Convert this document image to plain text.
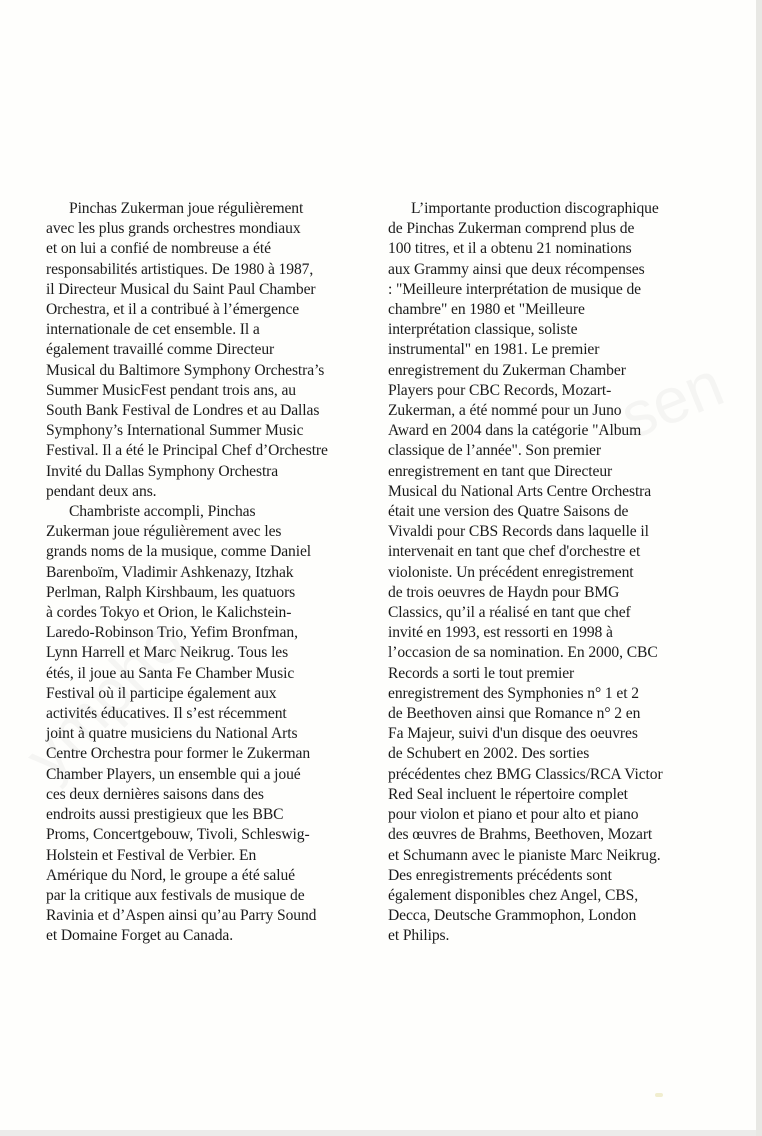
Pinchas Zukerman joue régulièrement
avec les plus grands orchestres mondiaux
et on lui a confié de nombreuse a été
responsabilités artistiques. De 1980 à 1987,
il Directeur Musical du Saint Paul Chamber
Orchestra, et il a contribué à l’émergence
internationale de cet ensemble. Il a
également travaillé comme Directeur
Musical du Baltimore Symphony Orchestra’s
Summer MusicFest pendant trois ans, au
South Bank Festival de Londres et au Dallas
Symphony’s International Summer Music
Festival. Il a été le Principal Chef d’Orchestre
Invité du Dallas Symphony Orchestra
pendant deux ans.

Chambriste accompli, Pinchas
Zukerman joue régulièrement avec les
grands noms de la musique, comme Daniel
Barenboïm, Vladimir Ashkenazy, Itzhak
Perlman, Ralph Kirshbaum, les quatuors
à cordes Tokyo et Orion, le Kalichstein-
Laredo-Robinson Trio, Yefim Bronfman,
Lynn Harrell et Marc Neikrug. Tous les
étés, il joue au Santa Fe Chamber Music
Festival où il participe également aux
activités éducatives. Il s’est récemment
joint à quatre musiciens du National Arts
Centre Orchestra pour former le Zukerman
Chamber Players, un ensemble qui a joué
ces deux dernières saisons dans des
endroits aussi prestigieux que les BBC
Proms, Concertgebouw, Tivoli, Schleswig-
Holstein et Festival de Verbier. En
Amérique du Nord, le groupe a été salué
par la critique aux festivals de musique de
Ravinia et d’Aspen ainsi qu’au Parry Sound
et Domaine Forget au Canada.

L’importante production discographique
de Pinchas Zukerman comprend plus de
100 titres, et il a obtenu 21 nominations
aux Grammy ainsi que deux récompenses
: "Meilleure interprétation de musique de
chambre" en 1980 et "Meilleure
interprétation classique, soliste
instrumental" en 1981. Le premier
enregistrement du Zukerman Chamber
Players pour CBC Records, Mozart-
Zukerman, a été nommé pour un Juno
Award en 2004 dans la catégorie "Album
classique de l’année". Son premier
enregistrement en tant que Directeur
Musical du National Arts Centre Orchestra
était une version des Quatre Saisons de
Vivaldi pour CBS Records dans laquelle il
intervenait en tant que chef d'orchestre et
violoniste. Un précédent enregistrement
de trois oeuvres de Haydn pour BMG
Classics, qu’il a réalisé en tant que chef
invité en 1993, est ressorti en 1998 à
l’occasion de sa nomination. En 2000, CBC
Records a sorti le tout premier
enregistrement des Symphonies n° 1 et 2
de Beethoven ainsi que Romance n° 2 en
Fa Majeur, suivi d'un disque des oeuvres
de Schubert en 2002. Des sorties
précédentes chez BMG Classics/RCA Victor
Red Seal incluent le répertoire complet
pour violon et piano et pour alto et piano
des œuvres de Brahms, Beethoven, Mozart
et Schumann avec le pianiste Marc Neikrug.
Des enregistrements précédents sont
également disponibles chez Angel, CBS,
Decca, Deutsche Grammophon, London
et Philips.
